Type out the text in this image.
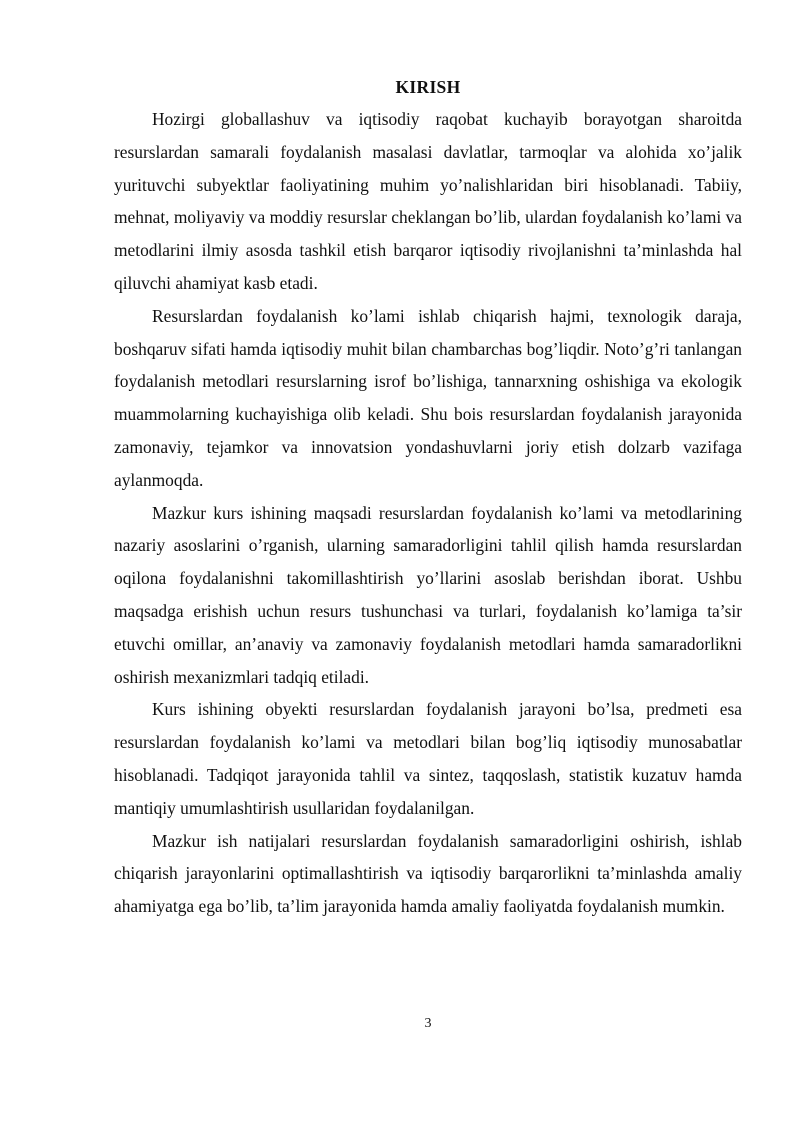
KIRISH

Hozirgi globallashuv va iqtisodiy raqobat kuchayib borayotgan sharoitda resurslardan samarali foydalanish masalasi davlatlar, tarmoqlar va alohida xo’jalik yurituvchi subyektlar faoliyatining muhim yo’nalishlaridan biri hisoblanadi. Tabiiy, mehnat, moliyaviy va moddiy resurslar cheklangan bo’lib, ulardan foydalanish ko’lami va metodlarini ilmiy asosda tashkil etish barqaror iqtisodiy rivojlanishni ta’minlashda hal qiluvchi ahamiyat kasb etadi.

Resurslardan foydalanish ko’lami ishlab chiqarish hajmi, texnologik daraja, boshqaruv sifati hamda iqtisodiy muhit bilan chambarchas bog’liqdir. Noto’g’ri tanlangan foydalanish metodlari resurslarning isrof bo’lishiga, tannarxning oshishiga va ekologik muammolarning kuchayishiga olib keladi. Shu bois resurslardan foydalanish jarayonida zamonaviy, tejamkor va innovatsion yondashuvlarni joriy etish dolzarb vazifaga aylanmoqda.

Mazkur kurs ishining maqsadi resurslardan foydalanish ko’lami va metodlarining nazariy asoslarini o’rganish, ularning samaradorligini tahlil qilish hamda resurslardan oqilona foydalanishni takomillashtirish yo’llarini asoslab berishdan iborat. Ushbu maqsadga erishish uchun resurs tushunchasi va turlari, foydalanish ko’lamiga ta’sir etuvchi omillar, an’anaviy va zamonaviy foydalanish metodlari hamda samaradorlikni oshirish mexanizmlari tadqiq etiladi.

Kurs ishining obyekti resurslardan foydalanish jarayoni bo’lsa, predmeti esa resurslardan foydalanish ko’lami va metodlari bilan bog’liq iqtisodiy munosabatlar hisoblanadi. Tadqiqot jarayonida tahlil va sintez, taqqoslash, statistik kuzatuv hamda mantiqiy umumlashtirish usullaridan foydalanilgan.

Mazkur ish natijalari resurslardan foydalanish samaradorligini oshirish, ishlab chiqarish jarayonlarini optimallashtirish va iqtisodiy barqarorlikni ta’minlashda amaliy ahamiyatga ega bo’lib, ta’lim jarayonida hamda amaliy faoliyatda foydalanish mumkin.

3
